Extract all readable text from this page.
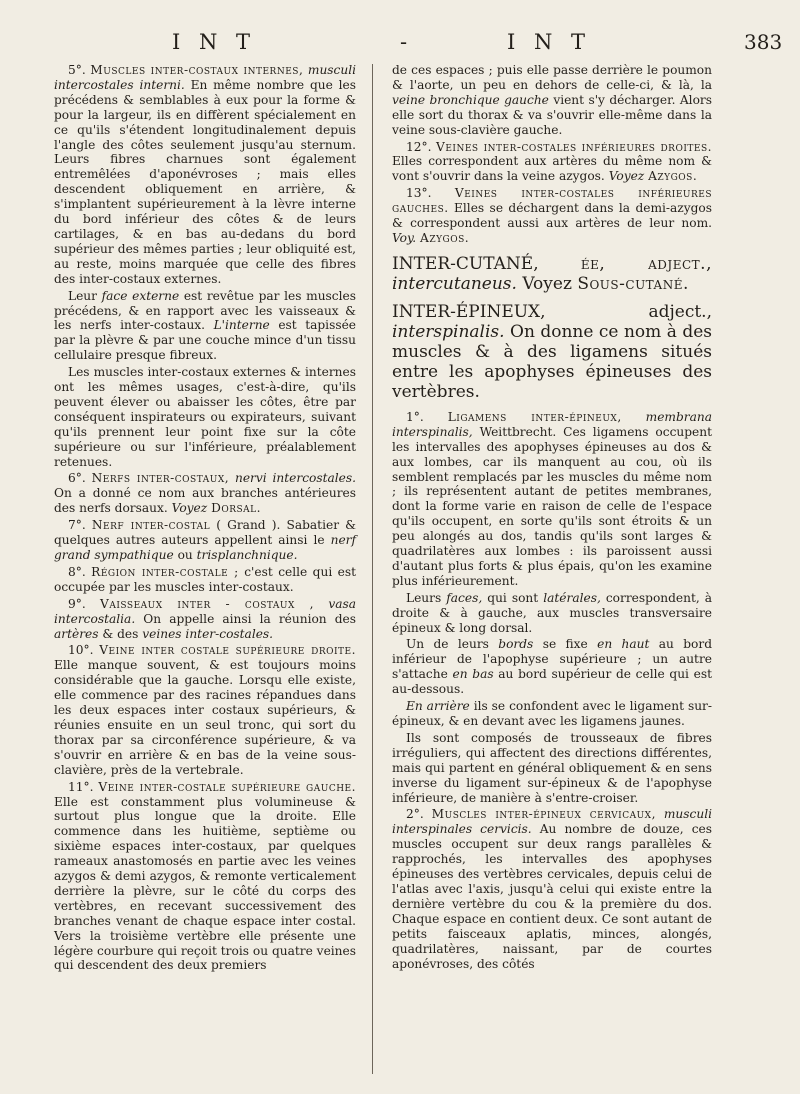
I N T	-	I N T	383

5°. Muscles inter-costaux internes, musculi intercostales interni. En même nombre que les précédens & semblables à eux pour la forme & pour la largeur, ils en diffèrent spécialement en ce qu'ils s'étendent longitudinalement depuis l'angle des côtes seulement jusqu'au sternum. Leurs fibres charnues sont également entremêlées d'aponévroses ; mais elles descendent obliquement en arrière, & s'implantent supérieurement à la lèvre interne du bord inférieur des côtes & de leurs cartilages, & en bas au-dedans du bord supérieur des mêmes parties ; leur obliquité est, au reste, moins marquée que celle des fibres des inter-costaux externes.

Leur face externe est revêtue par les muscles précédens, & en rapport avec les vaisseaux & les nerfs inter-costaux. L'interne est tapissée par la plèvre & par une couche mince d'un tissu cellulaire presque fibreux.

Les muscles inter-costaux externes & internes ont les mêmes usages, c'est-à-dire, qu'ils peuvent élever ou abaisser les côtes, être par conséquent inspirateurs ou expirateurs, suivant qu'ils prennent leur point fixe sur la côte supérieure ou sur l'inférieure, préalablement retenues.

6°. Nerfs inter-costaux, nervi intercostales. On a donné ce nom aux branches antérieures des nerfs dorsaux. Voyez Dorsal.

7°. Nerf inter-costal ( Grand ). Sabatier & quelques autres auteurs appellent ainsi le nerf grand sympathique ou trisplanchnique.

8°. Région inter-costale ; c'est celle qui est occupée par les muscles inter-costaux.

9°. Vaisseaux inter - costaux , vasa intercostalia. On appelle ainsi la réunion des artères & des veines inter-costales.

10°. Veine inter costale supérieure droite. Elle manque souvent, & est toujours moins considérable que la gauche. Lorsqu elle existe, elle commence par des racines répandues dans les deux espaces inter costaux supérieurs, & réunies ensuite en un seul tronc, qui sort du thorax par sa circonférence supérieure, & va s'ouvrir en arrière & en bas de la veine sous-clavière, près de la vertebrale.

11°. Veine inter-costale supérieure gauche. Elle est constamment plus volumineuse & surtout plus longue que la droite. Elle commence dans les huitième, septième ou sixième espaces inter-costaux, par quelques rameaux anastomosés en partie avec les veines azygos & demi azygos, & remonte verticalement derrière la plèvre, sur le côté du corps des vertèbres, en recevant successivement des branches venant de chaque espace inter costal. Vers la troisième vertèbre elle présente une légère courbure qui reçoit trois ou quatre veines qui descendent des deux premiers

de ces espaces ; puis elle passe derrière le poumon & l'aorte, un peu en dehors de celle-ci, & là, la veine bronchique gauche vient s'y décharger. Alors elle sort du thorax & va s'ouvrir elle-même dans la veine sous-clavière gauche.

12°. Veines inter-costales inférieures droites. Elles correspondent aux artères du même nom & vont s'ouvrir dans la veine azygos. Voyez Azygos.

13°. Veines inter-costales inférieures gauches. Elles se déchargent dans la demi-azygos & correspondent aussi aux artères de leur nom. Voy. Azygos.

INTER-CUTANÉ, ée, adject., intercutaneus. Voyez Sous-cutané.

INTER-ÉPINEUX,	adject., interspinalis. On donne ce nom à des muscles & à des ligamens situés entre les apophyses épineuses des vertèbres.

1°. Ligamens inter-épineux, membrana interspinalis, Weittbrecht. Ces ligamens occupent les intervalles des apophyses épineuses au dos & aux lombes, car ils manquent au cou, où ils semblent remplacés par les muscles du même nom ; ils représentent autant de petites membranes, dont la forme varie en raison de celle de l'espace qu'ils occupent, en sorte qu'ils sont étroits & un peu alongés au dos, tandis qu'ils sont larges & quadrilatères aux lombes : ils paroissent aussi d'autant plus forts & plus épais, qu'on les examine plus inférieurement.

Leurs faces, qui sont latérales, correspondent, à droite & à gauche, aux muscles transversaire épineux & long dorsal.

Un de leurs bords se fixe en haut au bord inférieur de l'apophyse supérieure ; un autre s'attache en bas au bord supérieur de celle qui est au-dessous.

En arrière ils se confondent avec le ligament sur-épineux, & en devant avec les ligamens jaunes.

Ils sont composés de trousseaux de fibres irréguliers, qui affectent des directions différentes, mais qui partent en général obliquement & en sens inverse du ligament sur-épineux & de l'apophyse inférieure, de manière à s'entre-croiser.

2°. Muscles inter-épineux cervicaux, musculi interspinales cervicis. Au nombre de douze, ces muscles occupent sur deux rangs parallèles & rapprochés, les intervalles des apophyses épineuses des vertèbres cervicales, depuis celui de l'atlas avec l'axis, jusqu'à celui qui existe entre la dernière vertèbre du cou & la première du dos. Chaque espace en contient deux. Ce sont autant de petits faisceaux aplatis, minces, alongés, quadrilatères, naissant, par de courtes aponévroses, des côtés
